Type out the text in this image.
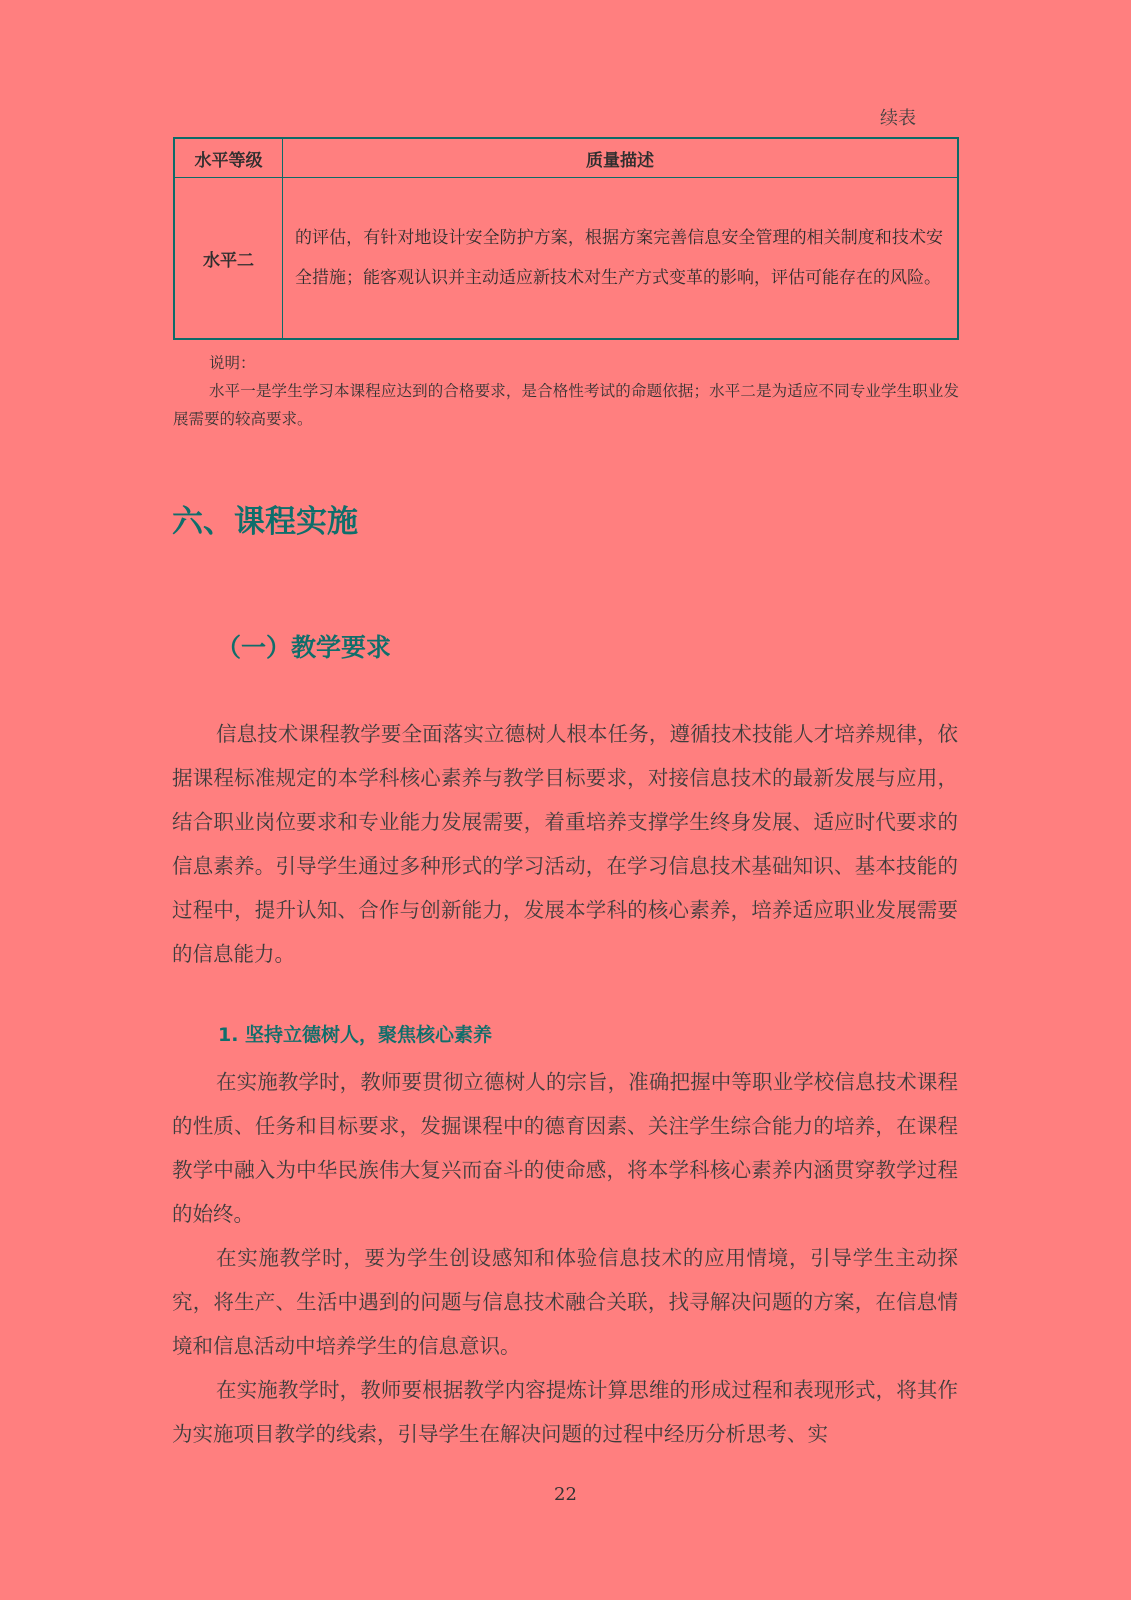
续表
水平等级	质量描述
水平二	的评估，有针对地设计安全防护方案，根据方案完善信息安全管理的相关制度和技术安全措施；能客观认识并主动适应新技术对生产方式变革的影响，评估可能存在的风险。
说明：
水平一是学生学习本课程应达到的合格要求，是合格性考试的命题依据；水平二是为适应不同专业学生职业发展需要的较高要求。
六、课程实施
（一）教学要求

信息技术课程教学要全面落实立德树人根本任务，遵循技术技能人才培养规律，依据课程标准规定的本学科核心素养与教学目标要求，对接信息技术的最新发展与应用，结合职业岗位要求和专业能力发展需要，着重培养支撑学生终身发展、适应时代要求的信息素养。引导学生通过多种形式的学习活动，在学习信息技术基础知识、基本技能的过程中，提升认知、合作与创新能力，发展本学科的核心素养，培养适应职业发展需要的信息能力。

1. 坚持立德树人，聚焦核心素养

在实施教学时，教师要贯彻立德树人的宗旨，准确把握中等职业学校信息技术课程的性质、任务和目标要求，发掘课程中的德育因素、关注学生综合能力的培养，在课程教学中融入为中华民族伟大复兴而奋斗的使命感，将本学科核心素养内涵贯穿教学过程的始终。

在实施教学时，要为学生创设感知和体验信息技术的应用情境，引导学生主动探究，将生产、生活中遇到的问题与信息技术融合关联，找寻解决问题的方案，在信息情境和信息活动中培养学生的信息意识。

在实施教学时，教师要根据教学内容提炼计算思维的形成过程和表现形式，将其作为实施项目教学的线索，引导学生在解决问题的过程中经历分析思考、实

22
